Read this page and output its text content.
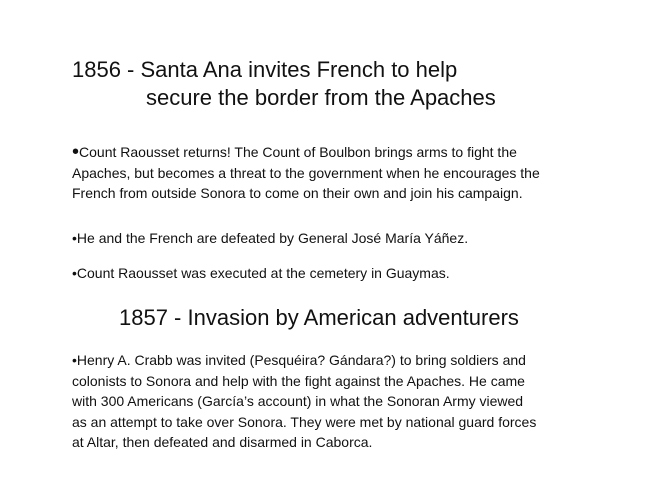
1856 - Santa Ana invites French to help
secure the border from the Apaches
•Count Raousset returns! The Count of Boulbon brings arms to fight the
Apaches, but becomes a threat to the government when he encourages the
French from outside Sonora to come on their own and join his campaign.
•He and the French are defeated by General José María Yáñez.
•Count Raousset was executed at the cemetery in Guaymas.
1857 - Invasion by American adventurers
•Henry A. Crabb was invited (Pesquéira? Gándara?) to bring soldiers and
colonists to Sonora and help with the fight against the Apaches. He came
with 300 Americans (García’s account) in what the Sonoran Army viewed
as an attempt to take over Sonora. They were met by national guard forces
at Altar, then defeated and disarmed in Caborca.
